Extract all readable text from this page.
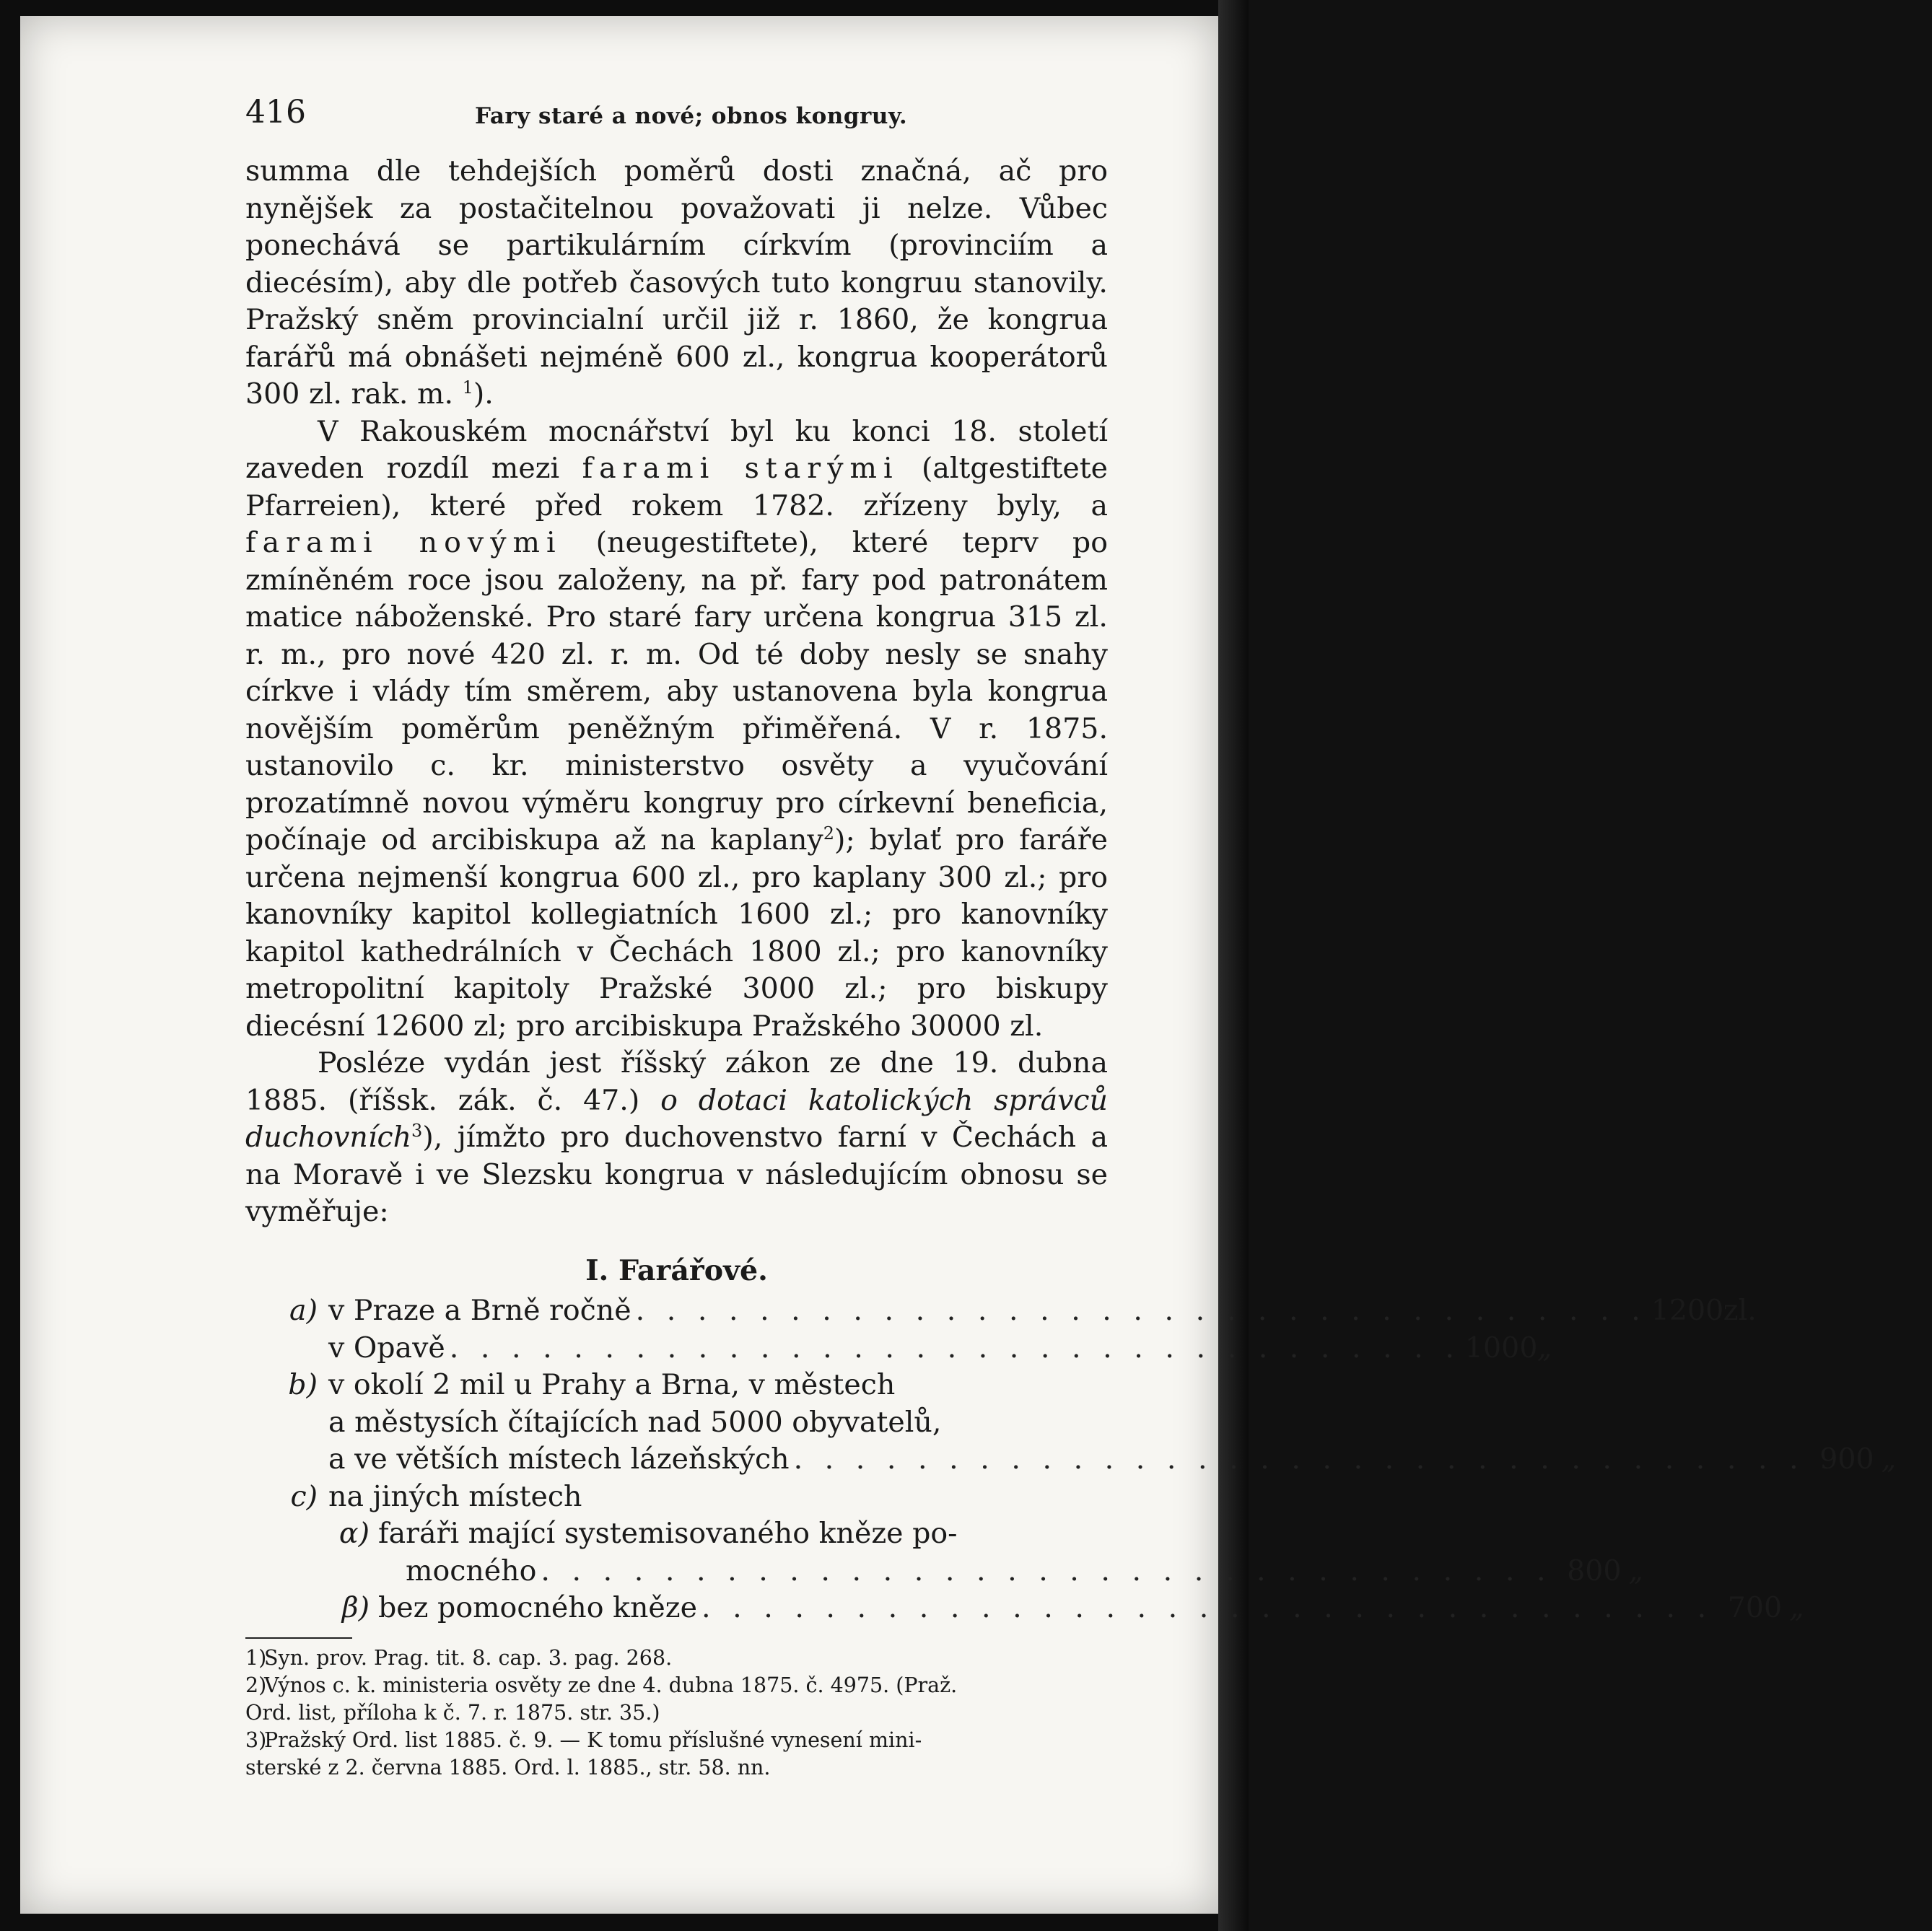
416	Fary staré a nové; obnos kongruy.

summa dle tehdejších poměrů dosti značná, ač pro nynějšek za postačitelnou považovati ji nelze. Vůbec ponechává se partikulárním církvím (provinciím a diecésím), aby dle potřeb časových tuto kongruu stanovily. Pražský sněm provincialní určil již r. 1860, že kongrua farářů má obnášeti nejméně 600 zl., kongrua kooperátorů 300 zl. rak. m. $^1$).

V Rakouském mocnářství byl ku konci 18. století zaveden rozdíl mezi farami starými (altgestiftete Pfarreien), které před rokem 1782. zřízeny byly, a farami novými (neugestiftete), které teprv po zmíněném roce jsou založeny, na př. fary pod patronátem matice náboženské. Pro staré fary určena kongrua 315 zl. r. m., pro nové 420 zl. r. m. Od té doby nesly se snahy církve i vlády tím směrem, aby ustanovena byla kongrua novějším poměrům peněžným přiměřená. V r. 1875. ustanovilo c. kr. ministerstvo osvěty a vyučování prozatímně novou výměru kongruy pro církevní beneficia, počínaje od arcibiskupa až na kaplany$^2$); bylať pro faráře určena nejmenší kongrua 600 zl., pro kaplany 300 zl.; pro kanovníky kapitol kollegiatních 1600 zl.; pro kanovníky kapitol kathedrálních v Čechách 1800 zl.; pro kanovníky metropolitní kapitoly Pražské 3000 zl.; pro biskupy diecésní 12600 zl; pro arcibiskupa Pražského 30000 zl.

Posléze vydán jest říšský zákon ze dne 19. dubna 1885. (říšsk. zák. č. 47.) o dotaci katolických správců duchovních$^3$), jímžto pro duchovenstvo farní v Čechách a na Moravě i ve Slezsku kongrua v následujícím obnosu se vyměřuje:

I. Farářové.
a) v Praze a Brně ročně . . . . . . . . . . . . . . . . . . . . . . . . . . . . . . . . . 1200 zl.
v Opavě . . . . . . . . . . . . . . . . . . . . . . . . . . . . . . . . . 1000 „
b) v okolí 2 mil u Prahy a Brna, v městech
a městysích čítajících nad 5000 obyvatelů,
a ve větších místech lázeňských . . . . . . . . . . . . . . . . . . . . . . . . . . . . . . . . . 900 „
c) na jiných místech
α) faráři mající systemisovaného kněze po-
mocného . . . . . . . . . . . . . . . . . . . . . . . . . . . . . . . . . 800 „
β) bez pomocného kněze . . . . . . . . . . . . . . . . . . . . . . . . . . . . . . . . . 700 „
1)Syn. prov. Prag. tit. 8. cap. 3. pag. 268.
2)Výnos c. k. ministeria osvěty ze dne 4. dubna 1875. č. 4975. (Praž.
Ord. list, příloha k č. 7. r. 1875. str. 35.)
3)Pražský Ord. list 1885. č. 9. — K tomu příslušné vynesení mini-
sterské z 2. června 1885. Ord. l. 1885., str. 58. nn.
